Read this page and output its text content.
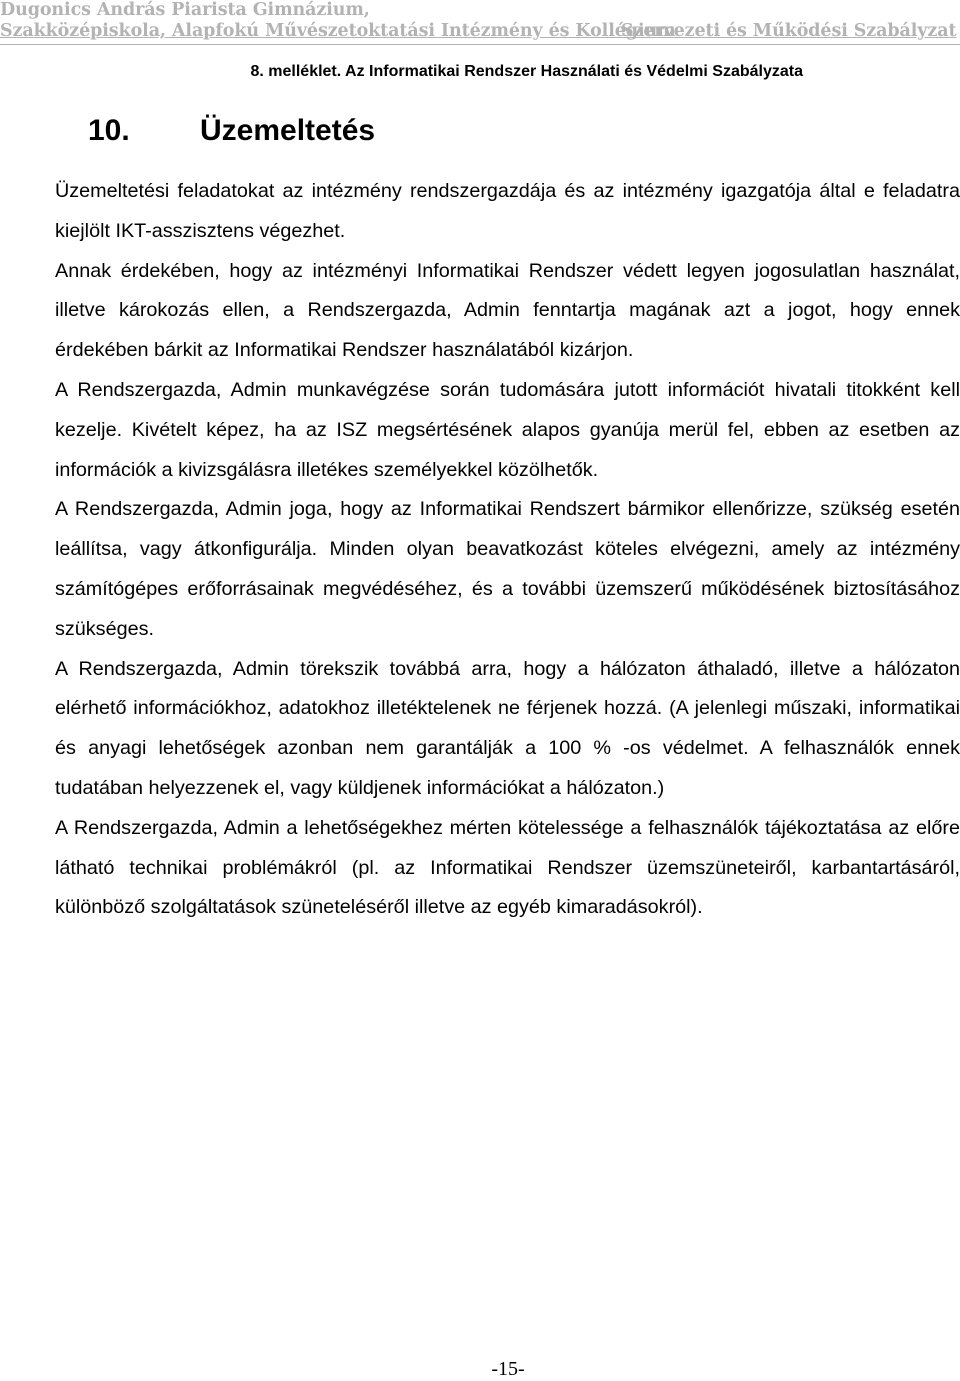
Dugonics András Piarista Gimnázium,
Szakközépiskola, Alapfokú Művészetoktatási Intézmény és Kollégium
Szervezeti és Működési Szabályzat
8. melléklet. Az Informatikai Rendszer Használati és Védelmi Szabályzata
10. Üzemeltetés

Üzemeltetési feladatokat az intézmény rendszergazdája és az intézmény igazgatója által e feladatra kiejlölt IKT-asszisztens végezhet.

Annak érdekében, hogy az intézményi Informatikai Rendszer védett legyen jogosulatlan használat, illetve károkozás ellen, a Rendszergazda, Admin fenntartja magának azt a jogot, hogy ennek érdekében bárkit az Informatikai Rendszer használatából kizárjon.

A Rendszergazda, Admin munkavégzése során tudomására jutott információt hivatali titokként kell kezelje. Kivételt képez, ha az ISZ megsértésének alapos gyanúja merül fel, ebben az esetben az információk a kivizsgálásra illetékes személyekkel közölhetők.

A Rendszergazda, Admin joga, hogy az Informatikai Rendszert bármikor ellenőrizze, szükség esetén leállítsa, vagy átkonfigurálja. Minden olyan beavatkozást köteles elvégezni, amely az intézmény számítógépes erőforrásainak megvédéséhez, és a további üzemszerű működésének biztosításához szükséges.

A Rendszergazda, Admin törekszik továbbá arra, hogy a hálózaton áthaladó, illetve a hálózaton elérhető információkhoz, adatokhoz illetéktelenek ne férjenek hozzá. (A jelenlegi műszaki, informatikai és anyagi lehetőségek azonban nem garantálják a 100 % -os védelmet. A felhasználók ennek tudatában helyezzenek el, vagy küldjenek információkat a hálózaton.)

A Rendszergazda, Admin a lehetőségekhez mérten kötelessége a felhasználók tájékoztatása az előre látható technikai problémákról (pl. az Informatikai Rendszer üzemszüneteiről, karbantartásáról, különböző szolgáltatások szüneteléséről illetve az egyéb kimaradásokról).

-15-
